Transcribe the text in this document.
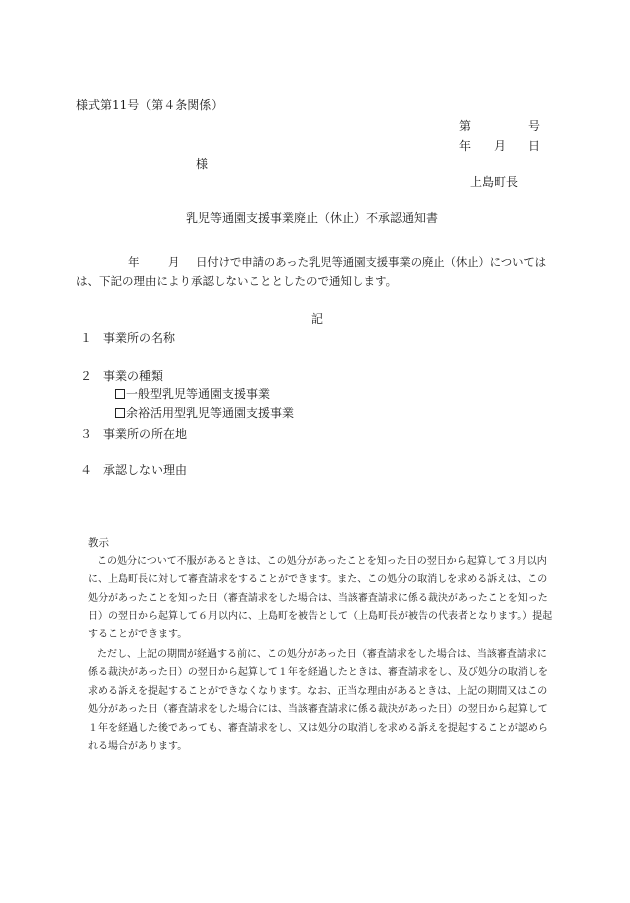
様式第11号（第４条関係）
第	号
年 月 日
様
上島町長
乳児等通園支援事業廃止（休止）不承認通知書
年 月 日付けで申請のあった乳児等通園支援事業の廃止（休止）については
は、下記の理由により承認しないこととしたので通知します。
記
１ 事業所の名称
２ 事業の種類
一般型乳児等通園支援事業
余裕活用型乳児等通園支援事業
３ 事業所の所在地
４ 承認しない理由
教示
この処分について不服があるときは、この処分があったことを知った日の翌日から起算して３月以内
に、上島町長に対して審査請求をすることができます。また、この処分の取消しを求める訴えは、この
処分があったことを知った日（審査請求をした場合は、当該審査請求に係る裁決があったことを知った
日）の翌日から起算して６月以内に、上島町を被告として（上島町長が被告の代表者となります。）提起
することができます。
ただし、上記の期間が経過する前に、この処分があった日（審査請求をした場合は、当該審査請求に
係る裁決があった日）の翌日から起算して１年を経過したときは、審査請求をし、及び処分の取消しを
求める訴えを提起することができなくなります。なお、正当な理由があるときは、上記の期間又はこの
処分があった日（審査請求をした場合には、当該審査請求に係る裁決があった日）の翌日から起算して
１年を経過した後であっても、審査請求をし、又は処分の取消しを求める訴えを提起することが認めら
れる場合があります。
